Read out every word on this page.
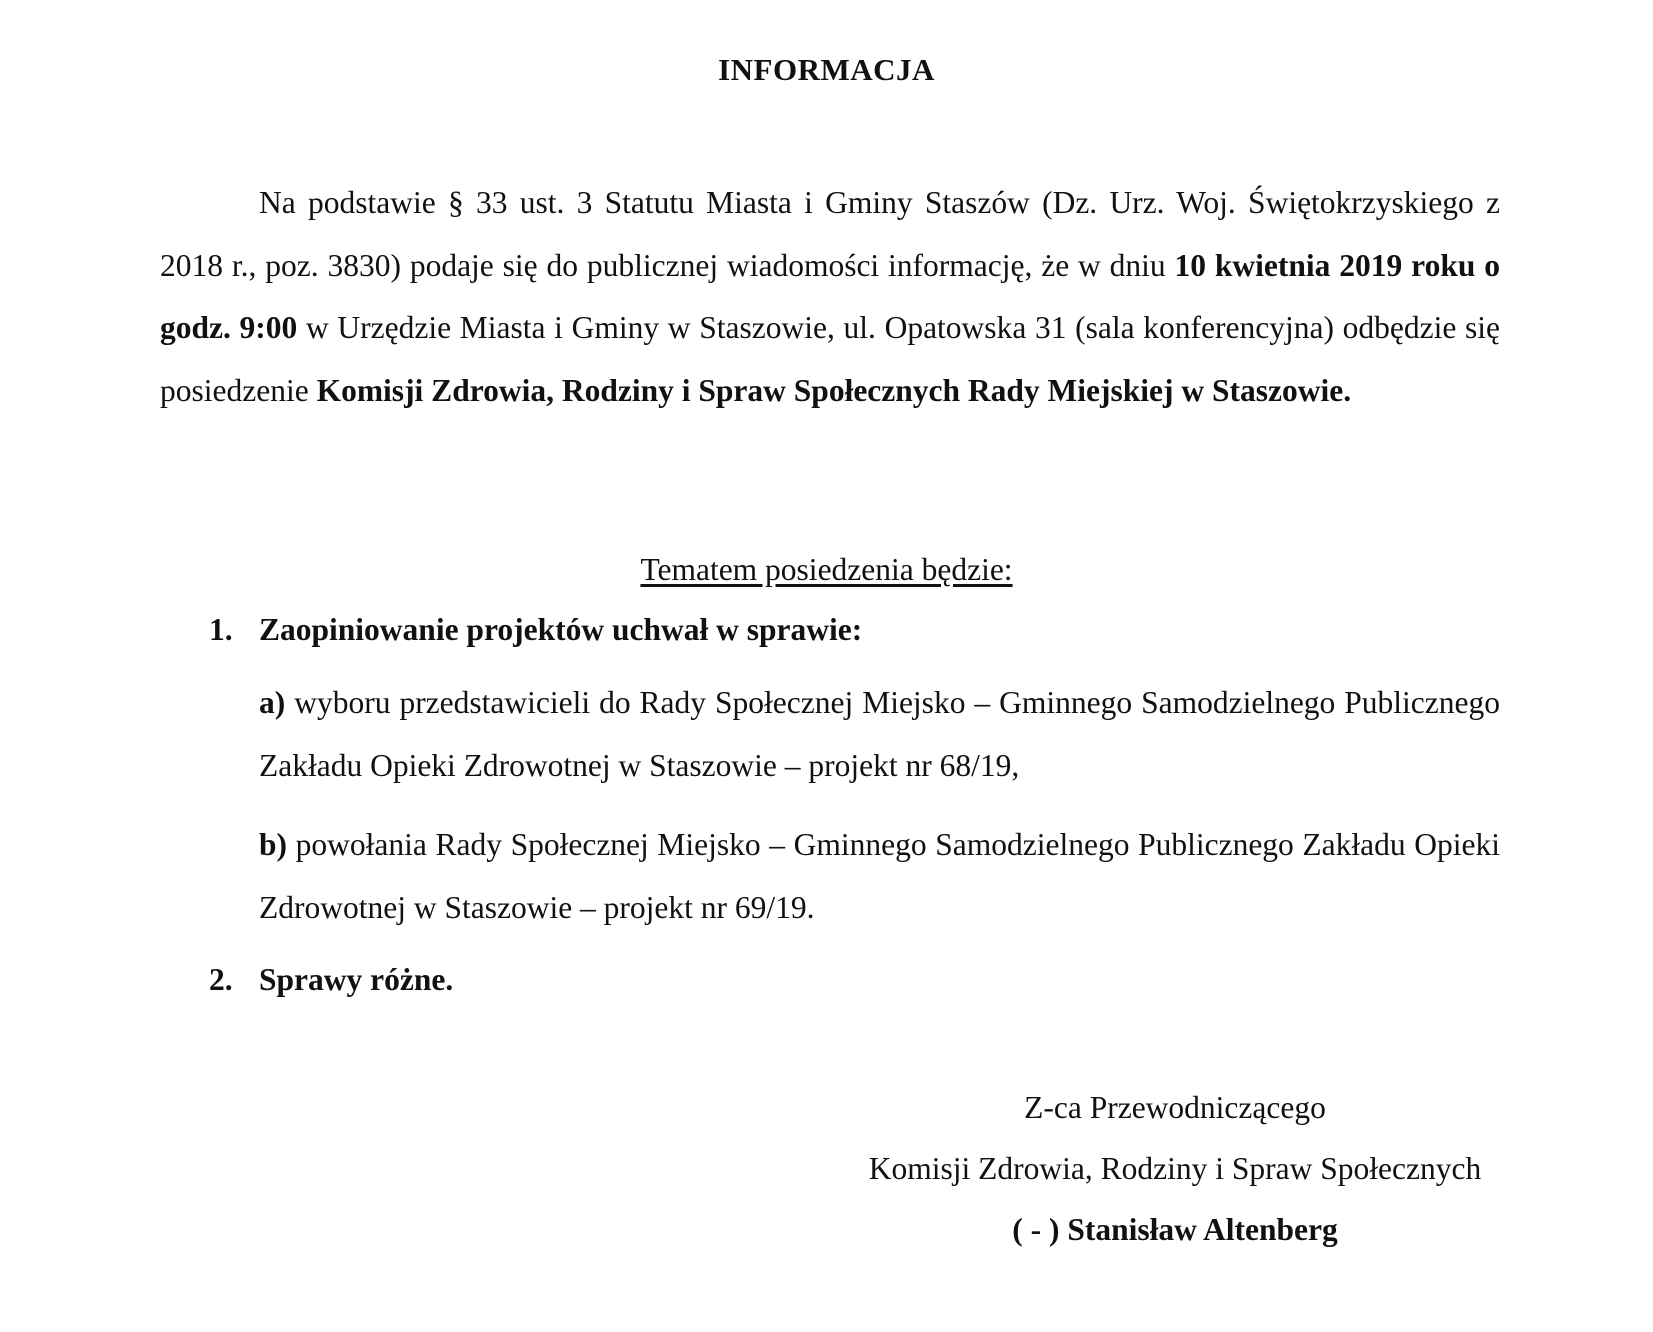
INFORMACJA

Na podstawie § 33 ust. 3 Statutu Miasta i Gminy Staszów (Dz. Urz. Woj. Świętokrzyskiego z 2018 r., poz. 3830) podaje się do publicznej wiadomości informację, że w dniu 10 kwietnia 2019 roku o godz. 9:00 w Urzędzie Miasta i Gminy w Staszowie, ul. Opatowska 31 (sala konferencyjna) odbędzie się posiedzenie Komisji Zdrowia, Rodziny i Spraw Społecznych Rady Miejskiej w Staszowie.

Tematem posiedzenia będzie:
1. Zaopiniowanie projektów uchwał w sprawie:

a) wyboru przedstawicieli do Rady Społecznej Miejsko – Gminnego Samodzielnego Publicznego Zakładu Opieki Zdrowotnej w Staszowie – projekt nr 68/19,

b) powołania Rady Społecznej Miejsko – Gminnego Samodzielnego Publicznego Zakładu Opieki Zdrowotnej w Staszowie – projekt nr 69/19.

2. Sprawy różne.
Z-ca Przewodniczącego
Komisji Zdrowia, Rodziny i Spraw Społecznych
( - ) Stanisław Altenberg
